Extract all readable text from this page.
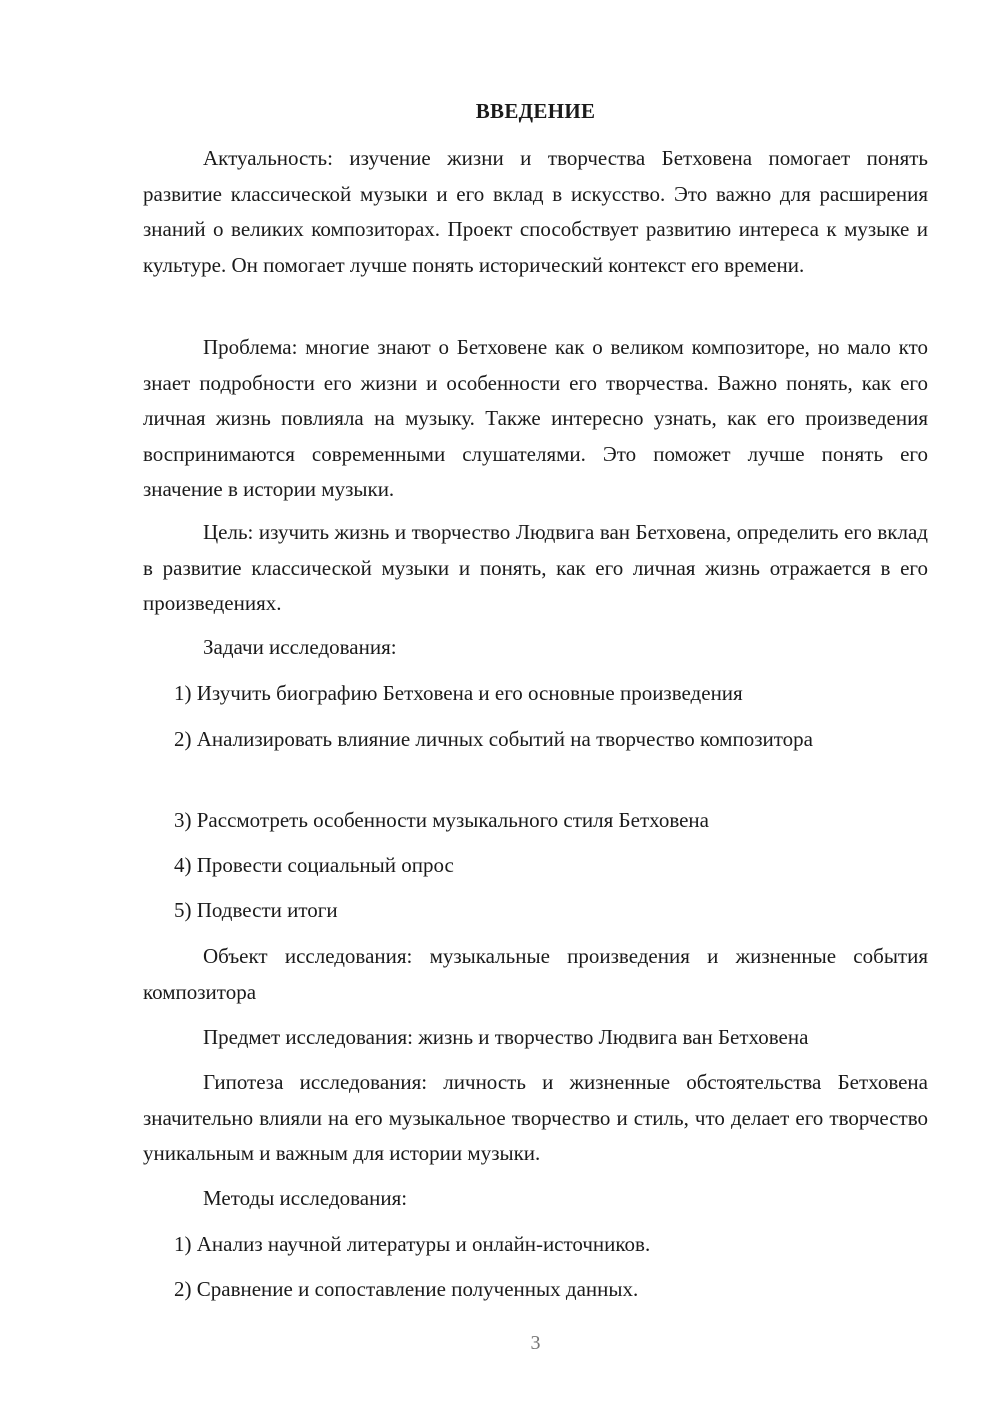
ВВЕДЕНИЕ

Актуальность: изучение жизни и творчества Бетховена помогает понять развитие классической музыки и его вклад в искусство. Это важно для расширения знаний о великих композиторах. Проект способствует развитию интереса к музыке и культуре. Он помогает лучше понять исторический контекст его времени.

Проблема: многие знают о Бетховене как о великом композиторе, но мало кто знает подробности его жизни и особенности его творчества. Важно понять, как его личная жизнь повлияла на музыку. Также интересно узнать, как его произведения воспринимаются современными слушателями. Это поможет лучше понять его значение в истории музыки.

Цель: изучить жизнь и творчество Людвига ван Бетховена, определить его вклад в развитие классической музыки и понять, как его личная жизнь отражается в его произведениях.

Задачи исследования:

1) Изучить биографию Бетховена и его основные произведения

2) Анализировать влияние личных событий на творчество композитора

3) Рассмотреть особенности музыкального стиля Бетховена

4) Провести социальный опрос

5) Подвести итоги

Объект исследования: музыкальные произведения и жизненные события композитора

Предмет исследования: жизнь и творчество Людвига ван Бетховена

Гипотеза исследования: личность и жизненные обстоятельства Бетховена значительно влияли на его музыкальное творчество и стиль, что делает его творчество уникальным и важным для истории музыки.

Методы исследования:

1) Анализ научной литературы и онлайн-источников.

2) Сравнение и сопоставление полученных данных.

3
